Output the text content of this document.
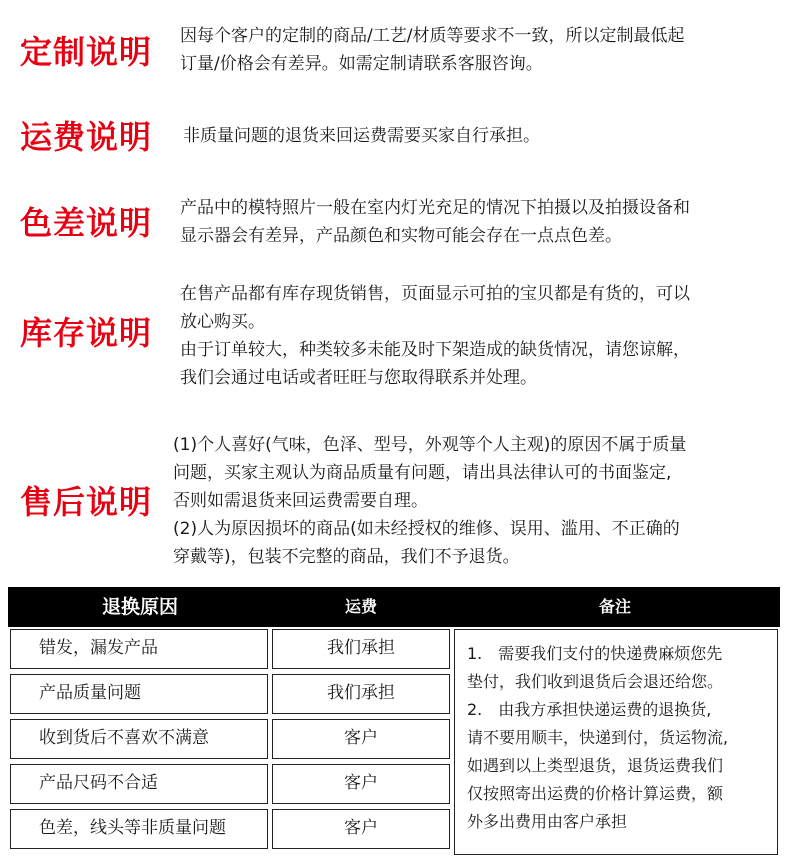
定制说明 因每个客户的定制的商品/工艺/材质等要求不一致，所以定制最低起

订量/价格会有差异。如需定制请联系客服咨询。

运费说明 非质量问题的退货来回运费需要买家自行承担。

色差说明 产品中的模特照片一般在室内灯光充足的情况下拍摄以及拍摄设备和

显示器会有差异，产品颜色和实物可能会存在一点点色差。

库存说明

在售产品都有库存现货销售，页面显示可拍的宝贝都是有货的，可以

放心购买。

由于订单较大，种类较多未能及时下架造成的缺货情况，请您谅解，

我们会通过电话或者旺旺与您取得联系并处理。

售后说明

(1)个人喜好(气味，色泽、型号，外观等个人主观)的原因不属于质量

问题，买家主观认为商品质量有问题，请出具法律认可的书面鉴定,

否则如需退货来回运费需要自理。

(2)人为原因损坏的商品(如未经授权的维修、误用、滥用、不正确的

穿戴等)，包装不完整的商品，我们不予退货。

退换原因	运费	备注
错发，漏发产品	我们承担
产品质量问题	我们承担
收到货后不喜欢不满意	客户
产品尺码不合适	客户
色差，线头等非质量问题	客户

1.　需要我们支付的快递费麻烦您先

垫付，我们收到退货后会退还给您。

2.　由我方承担快递运费的退换货,

请不要用顺丰，快递到付，货运物流,

如遇到以上类型退货，退货运费我们

仅按照寄出运费的价格计算运费，额

外多出费用由客户承担
